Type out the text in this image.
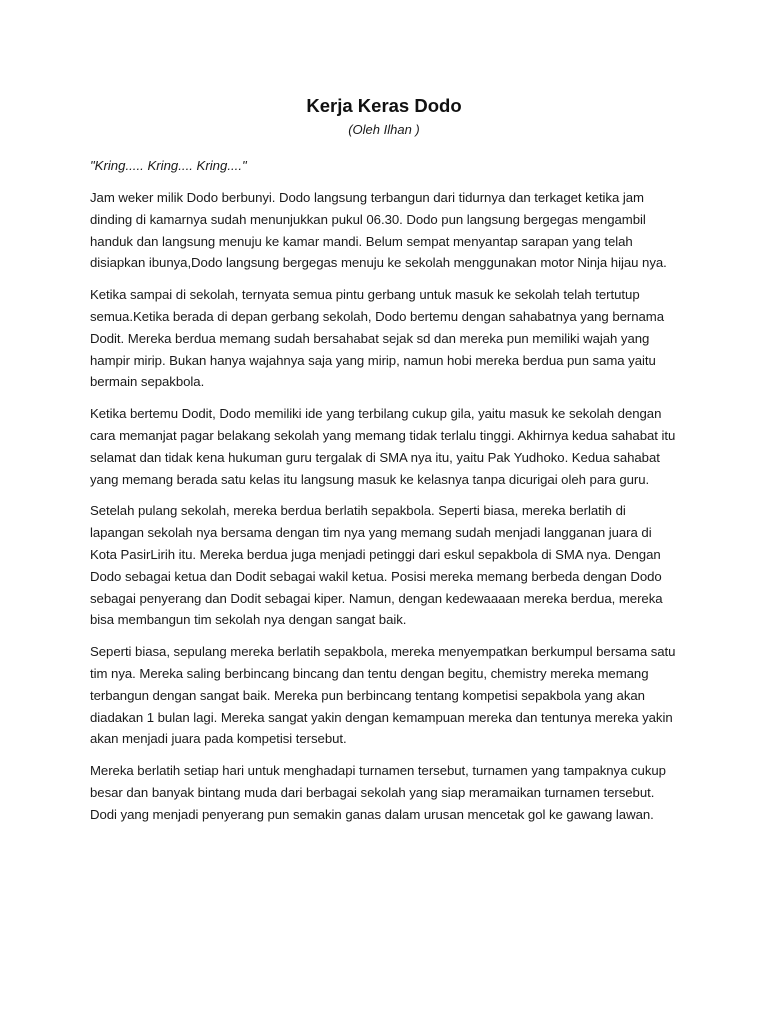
Kerja Keras Dodo

(Oleh Ilhan )

"Kring..... Kring.... Kring...."

Jam weker milik Dodo berbunyi. Dodo langsung terbangun dari tidurnya dan terkaget ketika jam dinding di kamarnya sudah menunjukkan pukul 06.30. Dodo pun langsung bergegas mengambil handuk dan langsung menuju ke kamar mandi. Belum sempat menyantap sarapan yang telah disiapkan ibunya,Dodo langsung bergegas menuju ke sekolah menggunakan motor Ninja hijau nya.

Ketika sampai di sekolah, ternyata semua pintu gerbang untuk masuk ke sekolah telah tertutup semua.Ketika berada di depan gerbang sekolah, Dodo bertemu dengan sahabatnya yang bernama Dodit. Mereka berdua memang sudah bersahabat sejak sd dan mereka pun memiliki wajah yang hampir mirip. Bukan hanya wajahnya saja yang mirip, namun hobi mereka berdua pun sama yaitu bermain sepakbola.

Ketika bertemu Dodit, Dodo memiliki ide yang terbilang cukup gila, yaitu masuk ke sekolah dengan cara memanjat pagar belakang sekolah yang memang tidak terlalu tinggi. Akhirnya kedua sahabat itu selamat dan tidak kena hukuman guru tergalak di SMA nya itu, yaitu Pak Yudhoko. Kedua sahabat yang memang berada satu kelas itu langsung masuk ke kelasnya tanpa dicurigai oleh para guru.

Setelah pulang sekolah, mereka berdua berlatih sepakbola. Seperti biasa, mereka berlatih di lapangan sekolah nya bersama dengan tim nya yang memang sudah menjadi langganan juara di Kota PasirLirih itu. Mereka berdua juga menjadi petinggi dari eskul sepakbola di SMA nya. Dengan Dodo sebagai ketua dan Dodit sebagai wakil ketua. Posisi mereka memang berbeda dengan Dodo sebagai penyerang dan Dodit sebagai kiper. Namun, dengan kedewaaaan mereka berdua, mereka bisa membangun tim sekolah nya dengan sangat baik.

Seperti biasa, sepulang mereka berlatih sepakbola, mereka menyempatkan berkumpul bersama satu tim nya. Mereka saling berbincang bincang dan tentu dengan begitu, chemistry mereka memang terbangun dengan sangat baik. Mereka pun berbincang tentang kompetisi sepakbola yang akan diadakan 1 bulan lagi. Mereka sangat yakin dengan kemampuan mereka dan tentunya mereka yakin akan menjadi juara pada kompetisi tersebut.

Mereka berlatih setiap hari untuk menghadapi turnamen tersebut, turnamen yang tampaknya cukup besar dan banyak bintang muda dari berbagai sekolah yang siap meramaikan turnamen tersebut. Dodi yang menjadi penyerang pun semakin ganas dalam urusan mencetak gol ke gawang lawan.
